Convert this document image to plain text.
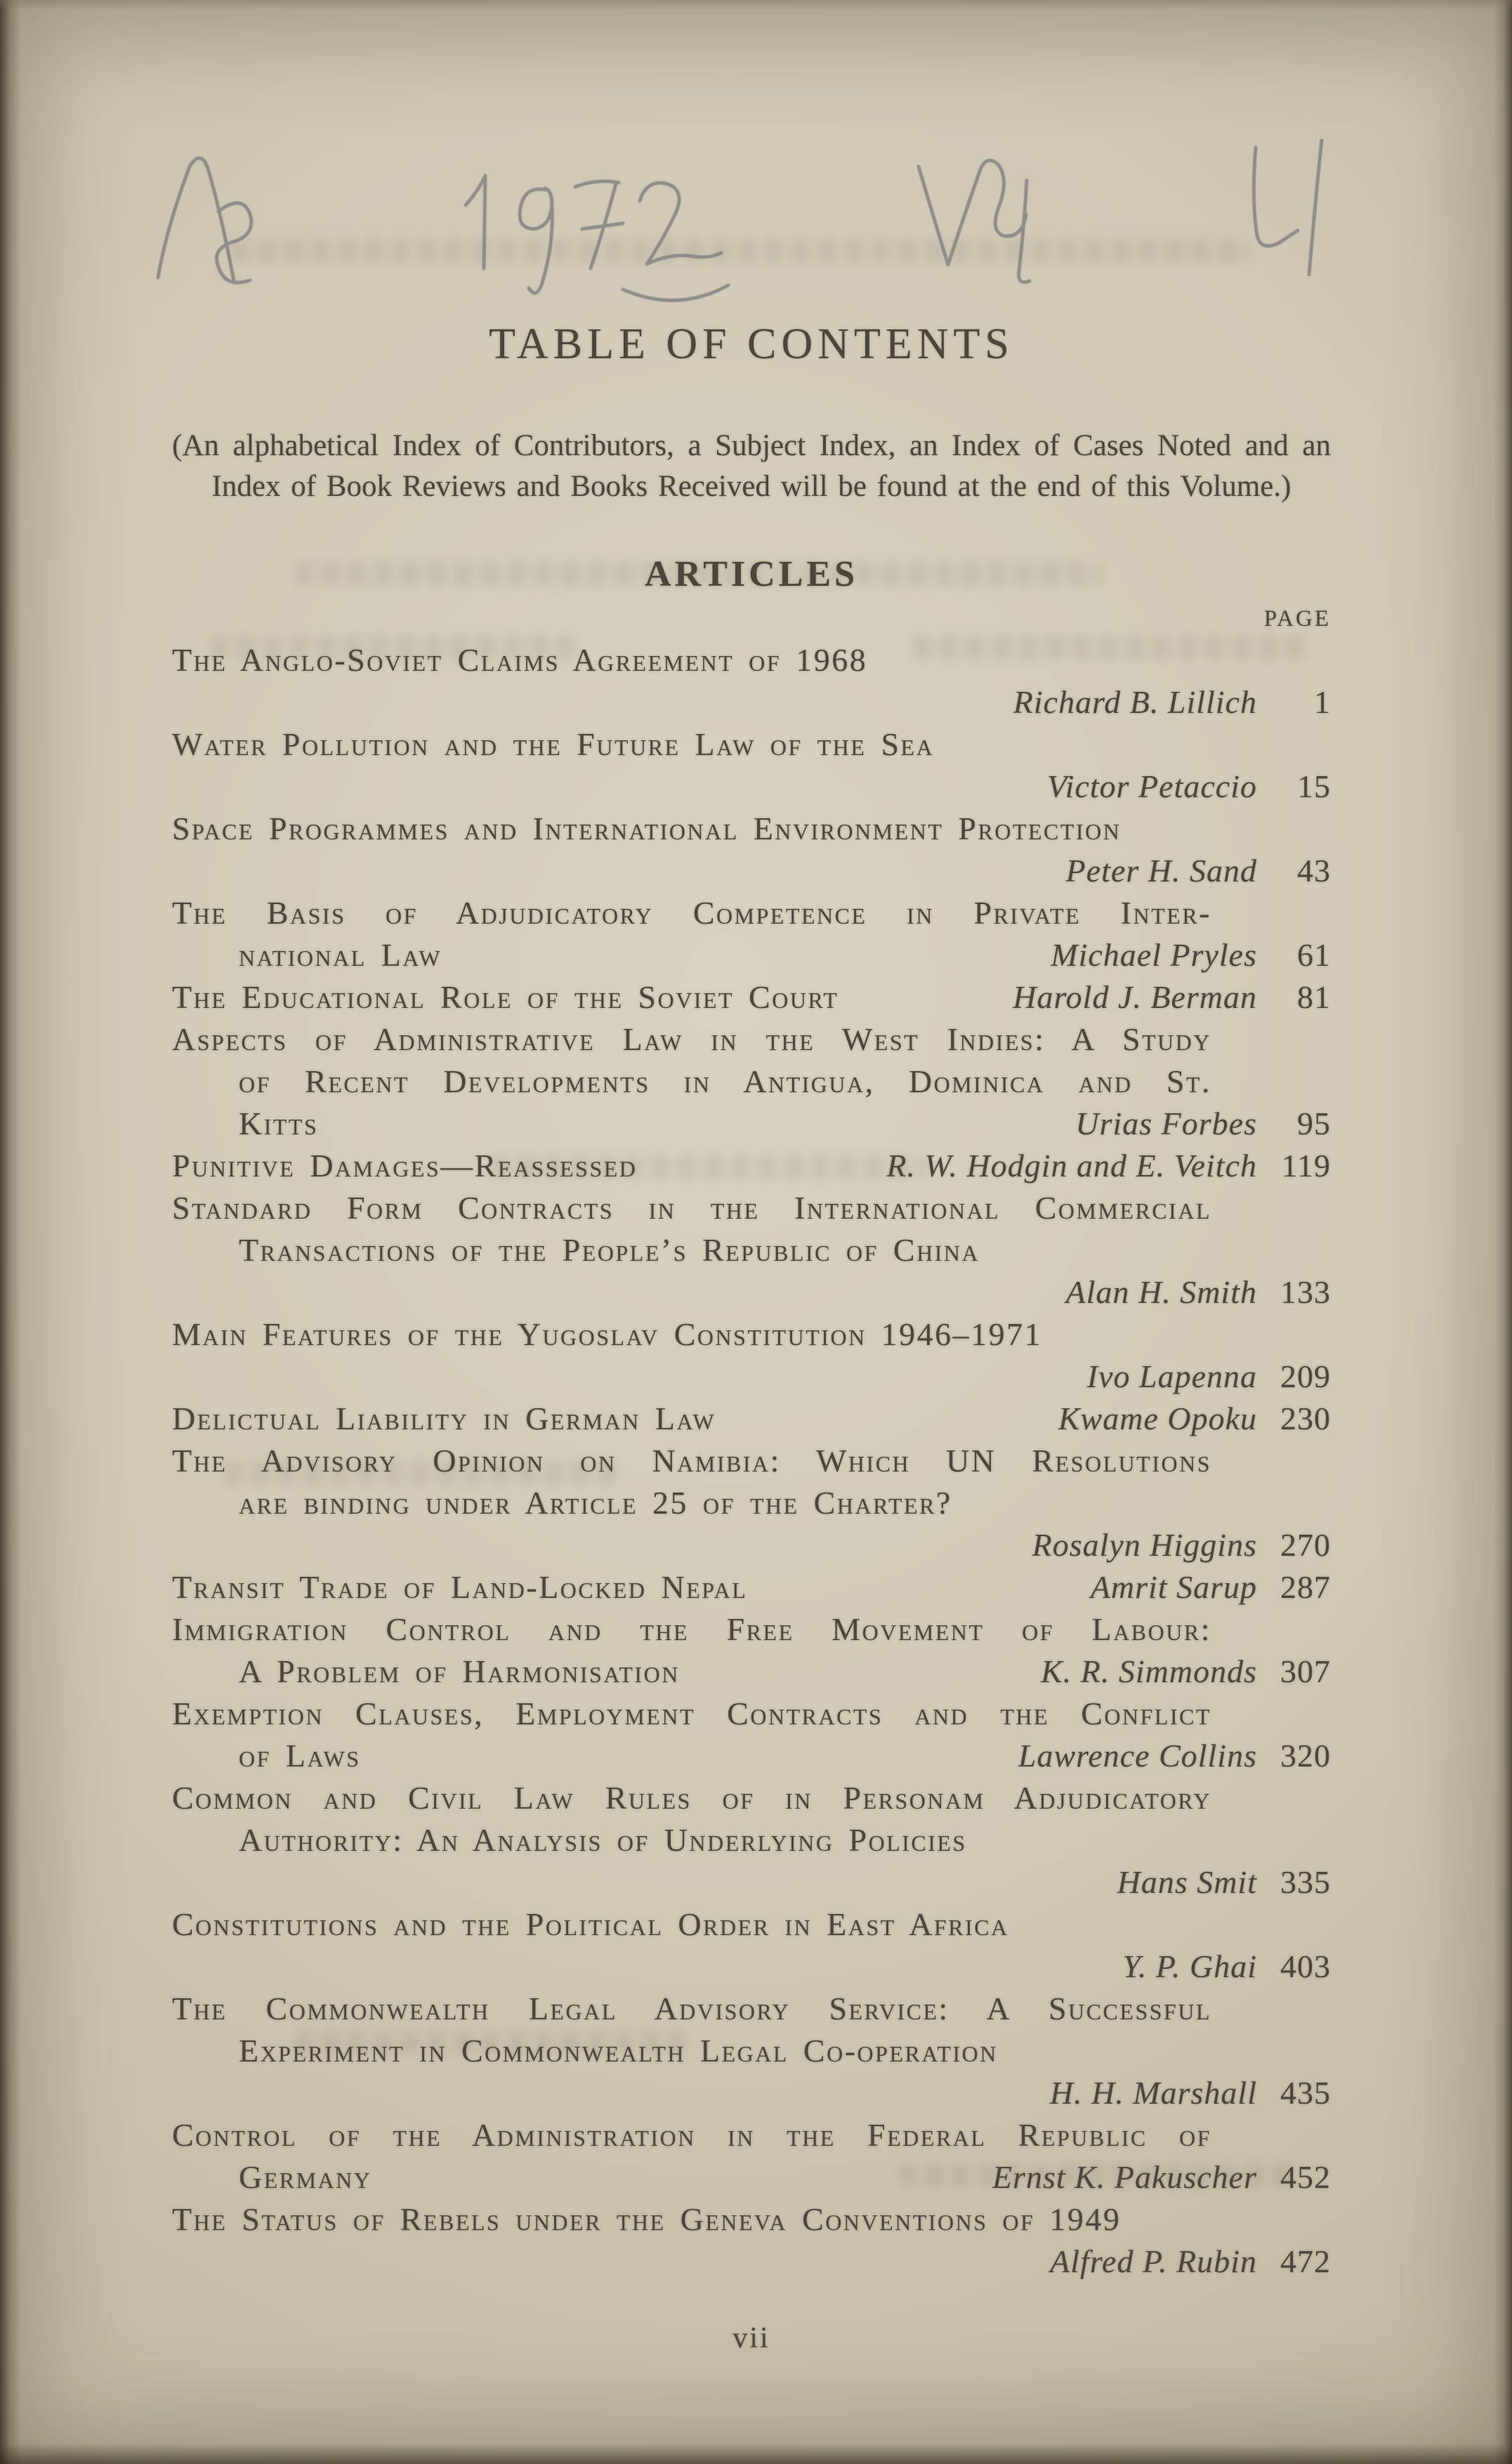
TABLE OF CONTENTS

(An alphabetical Index of Contributors, a Subject Index, an Index of Cases Noted and an Index of Book Reviews and Books Received will be found at the end of this Volume.)

ARTICLES
PAGE
The Anglo-Soviet Claims Agreement of 1968
Richard B. Lillich	1
Water Pollution and the Future Law of the Sea
Victor Petaccio	15
Space Programmes and International Environment Protection
Peter H. Sand	43
The Basis of Adjudicatory Competence in Private Inter-
national Law	Michael Pryles	61
The Educational Role of the Soviet Court	Harold J. Berman	81
Aspects of Administrative Law in the West Indies: A Study
of Recent Developments in Antigua, Dominica and St.
Kitts	Urias Forbes	95
Punitive Damages—Reassessed	R. W. Hodgin and E. Veitch 119
Standard Form Contracts in the International Commercial
Transactions of the People’s Republic of China
Alan H. Smith 133
Main Features of the Yugoslav Constitution 1946–1971
Ivo Lapenna 209
Delictual Liability in German Law	Kwame Opoku 230
The Advisory Opinion on Namibia: Which UN Resolutions
are binding under Article 25 of the Charter?
Rosalyn Higgins 270
Transit Trade of Land-Locked Nepal	Amrit Sarup 287
Immigration Control and the Free Movement of Labour:
A Problem of Harmonisation	K. R. Simmonds 307
Exemption Clauses, Employment Contracts and the Conflict
of Laws	Lawrence Collins 320
Common and Civil Law Rules of in Personam Adjudicatory
Authority: An Analysis of Underlying Policies
Hans Smit 335
Constitutions and the Political Order in East Africa
Y. P. Ghai 403
The Commonwealth Legal Advisory Service: A Successful
Experiment in Commonwealth Legal Co-operation
H. H. Marshall 435
Control of the Administration in the Federal Republic of
Germany	Ernst K. Pakuscher 452
The Status of Rebels under the Geneva Conventions of 1949
Alfred P. Rubin 472
vii
